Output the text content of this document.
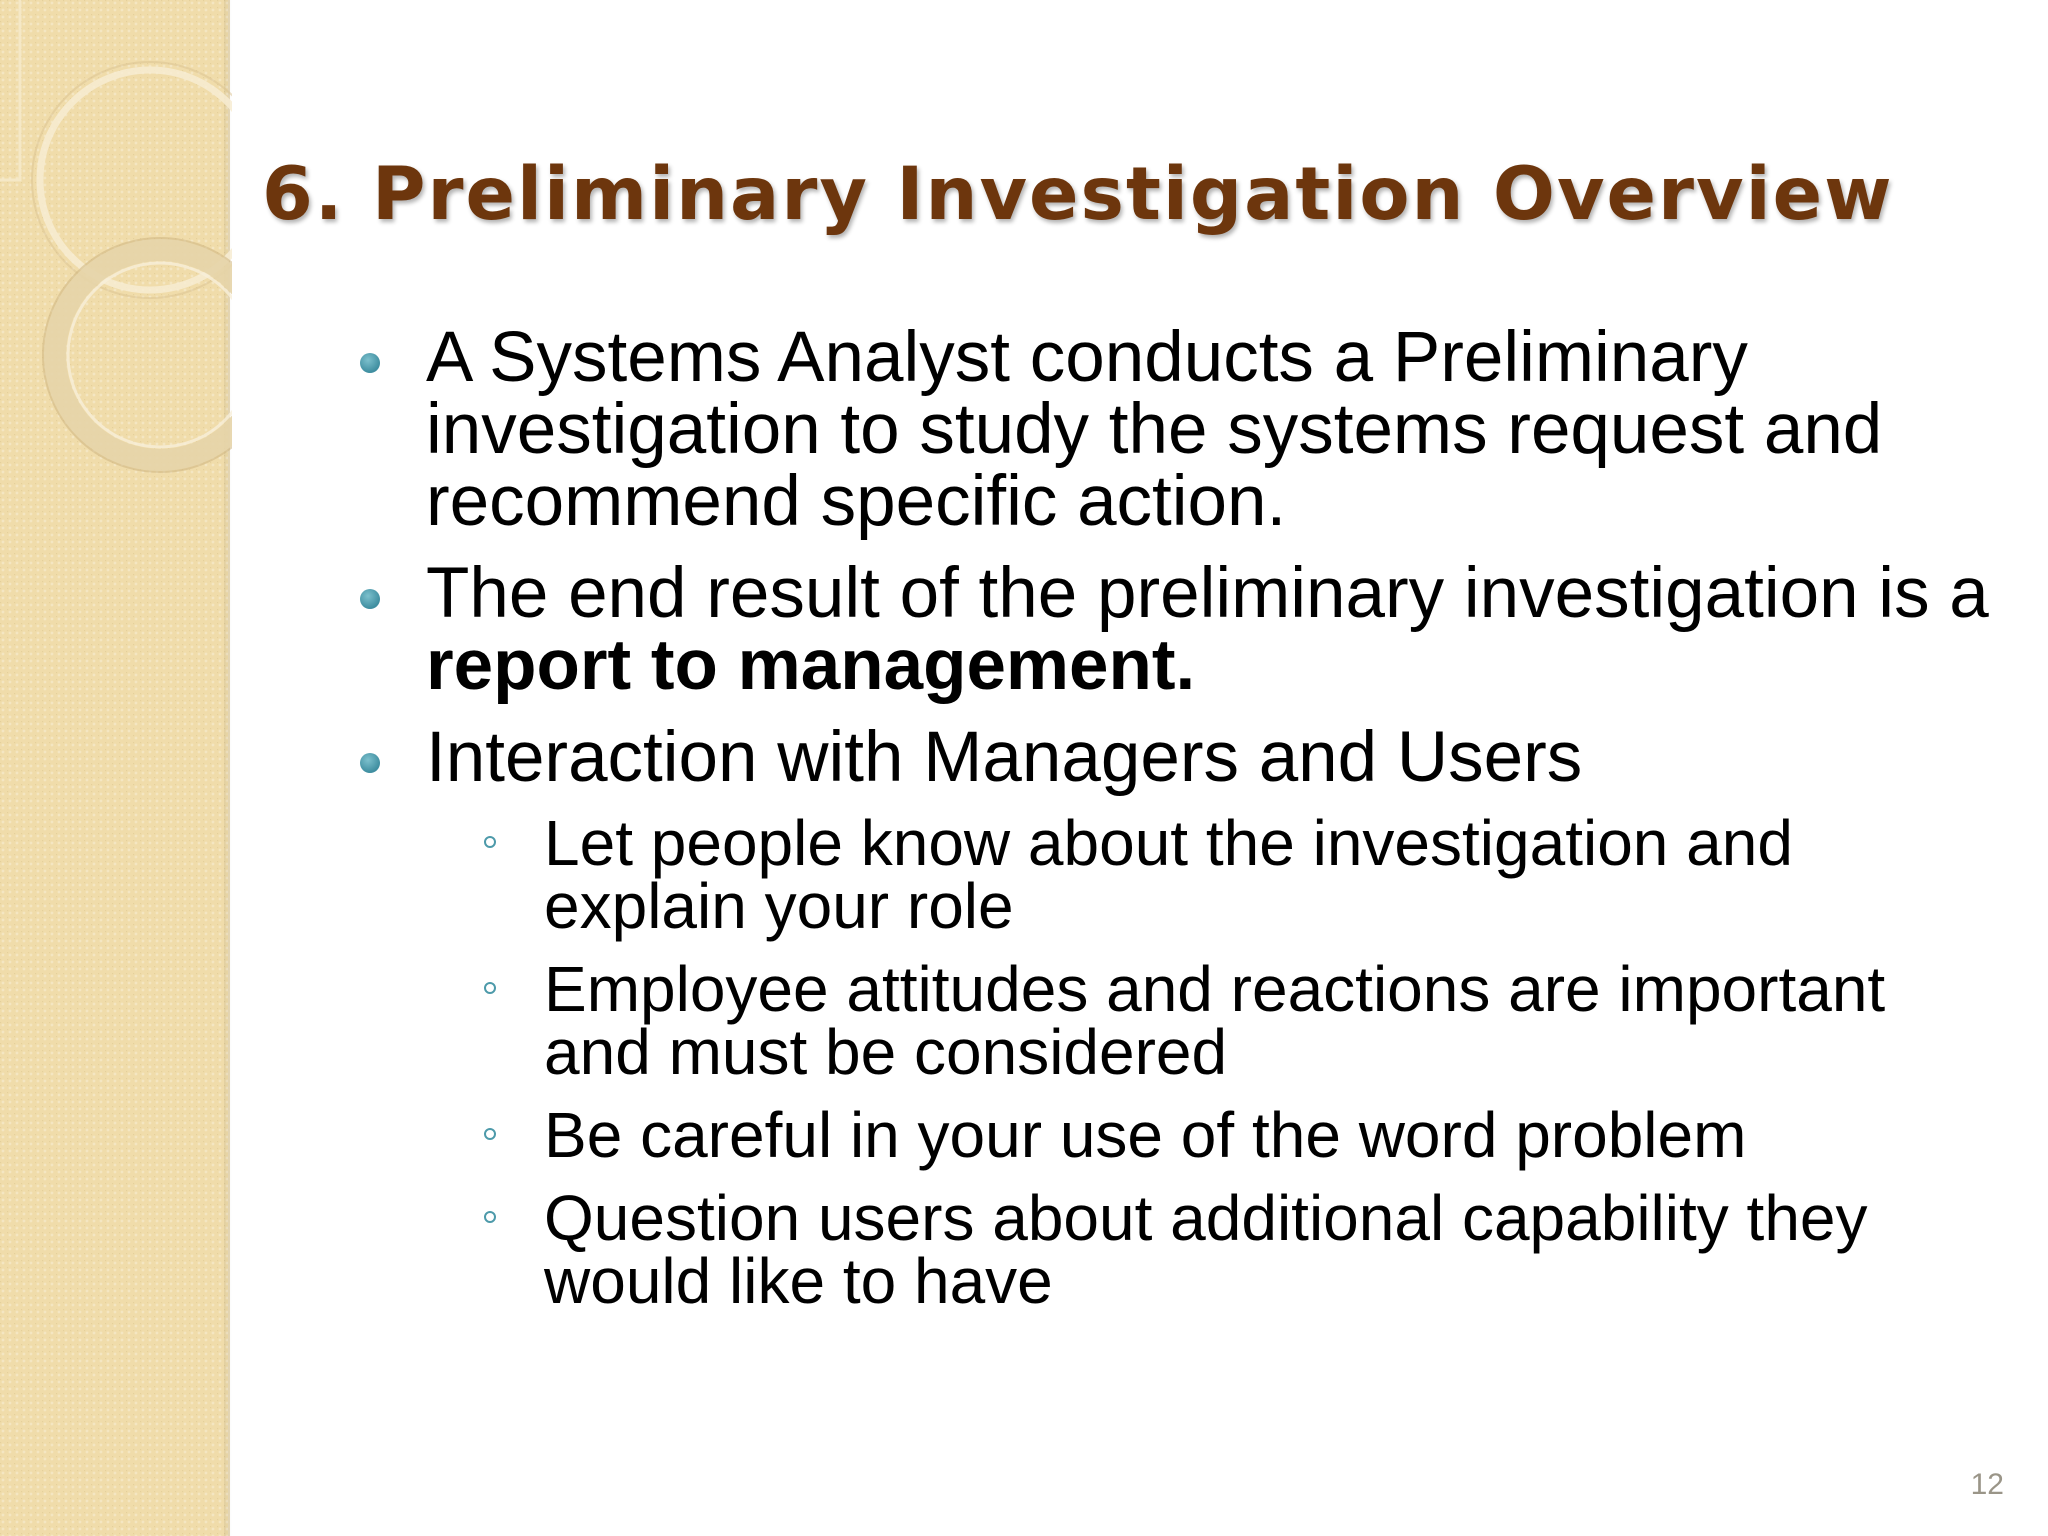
6. Preliminary Investigation Overview
A Systems Analyst conducts a Preliminary investigation to study the systems request and recommend specific action.
The end result of the preliminary investigation is a report to management.
Interaction with Managers and Users
Let people know about the investigation and explain your role
Employee attitudes and reactions are important and must be considered
Be careful in your use of the word problem
Question users about additional capability they would like to have
12
